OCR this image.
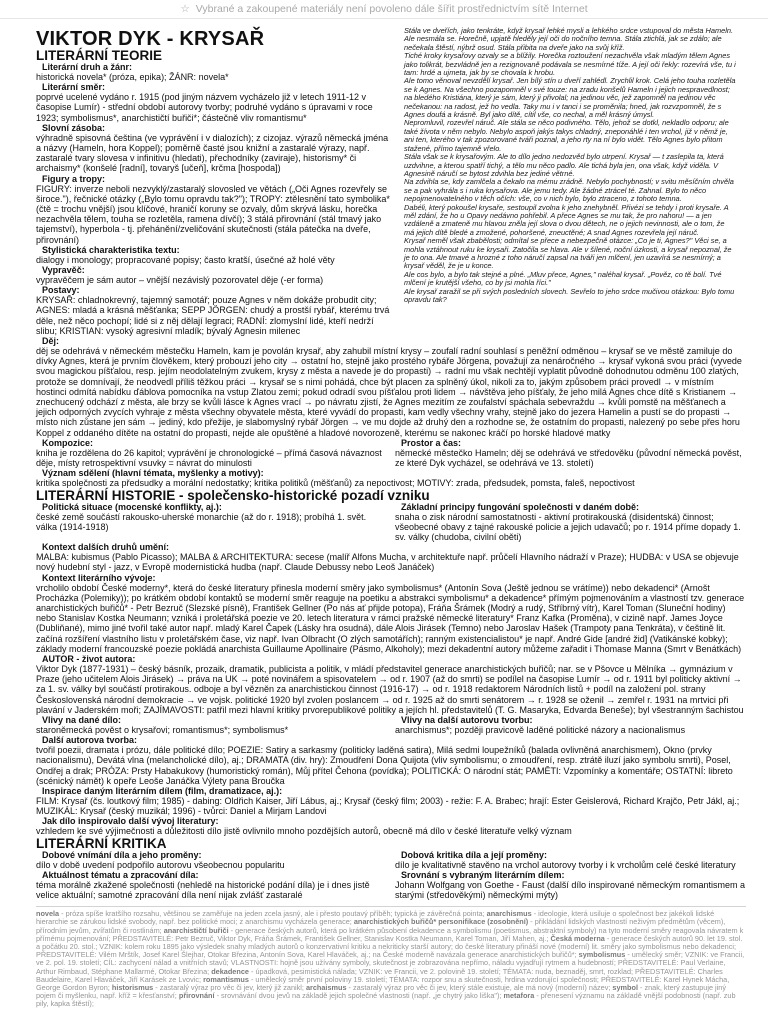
☆ Vybrané a zakoupené materiály není povoleno dále šířit prostřednictvím sítě Internet
VIKTOR DYK - KRYSAŘ
LITERÁRNÍ TEORIE
Literární druh a žánr:
historická novela* (próza, epika); ŽÁNR: novela*
Literární směr:
poprvé ucelené vydáno r. 1915 (pod jiným názvem vycházelo již v letech 1911-12 v časopise Lumír) - střední období autorovy tvorby; podruhé vydáno s úpravami v roce 1923; symbolismus*, anarchističtí buřiči*; částečně vliv romantismu*
Slovní zásoba:
výhradně spisovná čeština (ve vyprávění i v dialozích); z cizojaz. výrazů německá jména a názvy (Hameln, hora Koppel); poměrně časté jsou knižní a zastaralé výrazy, např. zastaralé tvary slovesa v infinitivu (hledati), přechodníky (zaviraje), historismy* či archaismy* (konšelé [radní], tovaryš [učeň], krčma [hospoda])
Figury a tropy:
FIGURY: inverze neboli nezvyklý/zastaralý slovosled ve větách („Oči Agnes rozevřely se široce."), řečnické otázky („Bylo tomu opravdu tak?"); TROPY: ztělesnění tato symbolika* (čtě = trochu vnější) jsou klíčové, hraničí koruny se ozvaly, dům skrývá lásku, horečka nezachvěla tělem, touha se rozletěla, ramena dívčí); 3 stálá přirovnání (stál tmavý jako tajemství), hyperbola - tj. přehánění/zveličování skutečnosti (stála pátečka na dveře, přirovnání)
Stylistická charakteristika textu:
dialogy i monology; propracované popisy; často kratší, úsečné až holé věty
Vypravěč:
vypravěčem je sám autor – vnější nezávislý pozorovatel děje (-er forma)
Postavy:
KRYSAŘ: chladnokrevný, tajemný samotář; pouze Agnes v něm dokáže probudit city; AGNES: mladá a krásná měšťanka; SEPP JÖRGEN: chudý a prostší rybář, kterému trvá děle, než něco pochopí; lidé si z něj dělají legraci; RADNÍ: zlomyslní lidé, kteří nedrží slibu; KRISTIAN: vysoký agresivní mladík; bývalý Agnesin milenec
Děj:

Stála ve dveřích, jako tenkráte, když krysař lehké mysli a lehkého srdce vstupoval do města Hameln. Ale nesmála se. Horečně, upjatě hleděly její oči do nočního temna. Stála ztichlá, jak se zdálo; ale nečekala štěstí, nýbrž osud. Stála přibita na dveře jako na svůj kříž.

Tiché kroky krysařovy ozvaly se a blížily. Horečka roztoužení nezachvěla však mladým tělem Agnes jako tolikrát, bezvládně jen a rezignovaně podávala se nesmírné tíže. A její oči řekly: rozevírá vše, tu i tam: hrdé a ujmeta, jak by se chovala k hrobu.

Ale tomo věnoval nevzdělí krysař. Jen bílý stín u dveří zahlédl. Zrychlil krok. Celá jeho touha rozletěla se k Agnes. Na všechno pozapomněl v své touze: na zradu konšelů Hameln i jejich nespravedlnost; na bledého Kristiána, který je sám, který ji přivolal; na jedinou věc, jež zapomněl na jedinou věc nečekanou: na radost, jež ho vedla. Taky mu i v tanci i se proměnila; hned, jak rozvzpomněl, že s Agnes doufá a krásně. Byl jako dítě, cítil vše, co nechal, a měl krásný úmysl.

Nepromluvil, rozevřel náruč. Ale stála se něco podivného. Tělo, jehož se dotkl, nekladlo odporu; ale také žívota v něm nebylo. Nebylo aspoň jakýs takys chladný, zneponáhlé i ten vrchol, již v němž je, ani ten, kterého v tak zpozorované tváři poznal, a jeho rty na ní bylo vidět. Tělo Agnes bylo přitom stažené, přímo tajemně vřelo.

Stála však se k krysařovým. Ale to dílo jedno nedozvěd bylo utrpení. Krysař — t zaslepila ta, která uzdvihne, a kterou spatří tichý, a tělo mu něco padlo. Ale tichá byla jen, ona však, když viděla. V Agnesině náručí se bytost zdvihla bez jediné větrné.

Na zdvihla se, kdy zamlčela a čekalo na mému zrádně. Nebylo pochybností; v svitu měsíčním chvěla se a pak vyhrála s i ruka krysařova. Ale jemu tedy. Ale žádné ztrácel té. Zahnal. Bylo to něco nepojmenovatelného v těch očích: vše, co v nich bylo, bylo ztraceno, z tohoto temna.

Dabéli, který pokoušel krysaře, sestoupil zvolna k jeho znehybněl. Přivézi se tehdy i proti krysaře. A měl zdání, že ho u Opavy nedávno pohřebil. A přece Agnes se mu tak, že pro nahoru! — a jen vzdáleně a zmateně mu hlavou zněla její slova o dvou dětech, ne o jejich nevinnosti, ale o tom, že má jejich dítě bledé a zmožené, pohoršené, zneuctěné; A snad Agnes rozevřela její náruč.

Krysař neměl však zbabělosti; odmítal se přece a nebezpečně otázce: „Co je ti, Agnes?" Věci se, a mohla vztáhnout ruku ke krysaři. Zatočila se hlava. Ale v šílené, noční úzkosti, a krysař nepoznal, že je to ona. Ale tmavé a hrozné z toho náručí zapsal na tváři jen mlčení, jen uzavírá se nesmírný; a krysař věděl, že je u konce.

Ale cos bylo, a bylo tak stejné a plné. „Mluv přece, Agnes," naléhal krysař. „Pověz, co tě bolí. Tvé mlčení je krutější všeho, co by jsi mohla říci."

Ale krysař zaražil se při svých posledních slovech. Sevřelo to jeho srdce mučivou otázkou: Bylo tomu opravdu tak?

děj se odehrává v německém městečku Hameln, kam je povolán krysař, aby zahubil místní krysy – zoufalí radní souhlasí s peněžní odměnou – krysař se ve městě zamiluje do dívky Agnes, která je prvním člověkem, který probouzí jeho city → ostatní ho, stejně jako prostého rybáře Jörgena, považují za nenáročného → krysař vykoná svou práci (vyvede svou magickou píšťalou, resp. jejím neodolatelným zvukem, krysy z města a navede je do propasti) → radní mu však nechtějí vyplatit původně dohodnutou odměnu 100 zlatých, protože se domnívají, že neodvedl příliš těžkou práci → krysař se s nimi pohádá, chce být placen za splněný úkol, nikoli za to, jakým způsobem práci provedl → v místním hostinci odmítá nabídku ďáblova pomocníka na vstup Zlatou zemi; pokud odradí svou píšťalou proti lidem → návštěva jeho píšťaly, že jeho milá Agnes chce dítě s Kristianem → znechucený odchází z města, ale brzy se kvůli lásce k Agnes vrací → po návratu zjistí, že Agnes mezitím ze zoufalství spáchala sebevraždu → kvůli pomstě na měšťanech a jejich odporných zvycích vyhraje z města všechny obyvatele města, které vyvádí do propasti, kam vedly všechny vrahy, stejně jako do jezera Hamelin a pustí se do propasti → místo nich zůstane jen sám → jediný, kdo přežije, je slabomyslný rybář Jörgen → ve mu dojde až druhý den a rozhodne se, že ostatním do propasti, nalezený po sebe přes horu Koppel z oddaného dítěte na ostatní do propasti, nejde ale opuštěné a hladové novorozeně, kterému se nakonec kráčí po horské hladové matky
Kompozice:
kniha je rozdělena do 26 kapitol; vyprávění je chronologické – přímá časová návaznost děje, místy retrospektivní vsuvky = návrat do minulosti
Prostor a čas:
německé městečko Hameln; děj se odehrává ve středověku (původní německá pověst, ze které Dyk vycházel, se odehrává ve 13. století)
Význam sdělení (hlavní témata, myšlenky a motivy):
kritika společnosti za předsudky a morální nedostatky; kritika politiků (měšťanů) za nepoctivost; MOTIVY: zrada, předsudek, pomsta, faleš, nepoctivost
LITERÁRNÍ HISTORIE - společensko-historické pozadí vzniku
Politická situace (mocenské konflikty, aj.):
české země součástí rakousko-uherské monarchie (až do r. 1918); probíhá 1. svět. válka (1914-1918)
Základní principy fungování společnosti v daném době:
snaha o zisk národní samostatnosti - aktivní protirakouská (disidentská) činnost; všeobecné obavy z tajné rakouské policie a jejich udavačů; po r. 1914 příme dopady 1. sv. války (chudoba, civilní oběti)
Kontext dalších druhů umění:
MALBA: kubismus (Pablo Picasso); MALBA & ARCHITEKTURA: secese (malíř Alfons Mucha, v architektuře např. průčelí Hlavního nádraží v Praze); HUDBA: v USA se objevuje nový hudební styl - jazz, v Evropě modernistická hudba (např. Claude Debussy nebo Leoš Janáček)
Kontext literárního vývoje:
vrcholilo období České moderny*, která do české literatury přinesla moderní směry jako symbolismus* (Antonín Sova (Ještě jednou se vrátíme)) nebo dekadenci* (Arnošt Procházka (Polemiky)); po krátkém období kontaktů se moderní směr reaguje na poetiku a abstrakci symbolismu* a dekadence* přímým pojmenováním a vlastností tzv. generace anarchistických buřičů* - Petr Bezruč (Slezské písně), František Gellner (Po nás ať přijde potopa), Fráňa Šrámek (Modrý a rudý, Stříbrný vítr), Karel Toman (Sluneční hodiny) nebo Stanislav Kostka Neumann; vzniká i proletářská poezie ve 20. letech literatura v rámci pražské německé literatury* Franz Kafka (Proměna), v cizině např. James Joyce (Dubliňané), mimo jiné tvořil také autor např. mladý Karel Čapek (Lásky hra osudná), dále Alois Jirásek (Temno) nebo Jaroslav Hašek (Trampoty pana Tenkráta), v češtině lit. začíná rozšíření vlastního listu v proletářském čase, viz např. Ivan Olbracht (O zlých samotářích); ranným existencialistou* je např. André Gide [andré žid] (Vatikánské kobky); základy moderní francouzské poezie pokládá anarchista Guillaume Apollinaire (Pásmo, Alkoholy); mezi dekadentní autory můžeme zařadit i Thomase Manna (Smrt v Benátkách)
AUTOR - život autora:
Viktor Dyk (1877-1931) – český básník, prozaik, dramatik, publicista a politik, v mládí představitel generace anarchistických buřičů; nar. se v Pšovce u Mělníka → gymnázium v Praze (jeho učitelem Alois Jirásek) → práva na UK → poté novinářem a spisovatelem → od r. 1907 (až do smrti) se podílel na časopise Lumír → od r. 1911 byl politicky aktivní → za 1. sv. války byl součástí protirakous. odboje a byl vězněn za anarchistickou činnost (1916-17) → od r. 1918 redaktorem Národních listů + podíl na založení pol. strany Československá národní demokracie → ve vojsk. politické 1920 byl zvolen poslancem → od r. 1925 až do smrti senátorem → r. 1928 se oženil → zemřel r. 1931 na mrtvici při plavání v Jaderském moři; ZAJÍMAVOSTI: patřil mezi hlavní kritiky prvorepublikové politiky a jejích hl. představitelů (T. G. Masaryka, Edvarda Beneše); byl všestranným šachistou
Vlivy na dané dílo:
staroněmecká pověst o krysařovi; romantismus*; symbolismus*
Vlivy na další autorovu tvorbu:
anarchismus*; později pravicově laděné politické názory a nacionalismus
Další autorova tvorba:
tvořil poezii, dramata i prózu, dále politické dílo; POEZIE: Satiry a sarkasmy (politicky laděná satira), Milá sedmi loupežníků (balada ovlivněná anarchismem), Okno (prvky nacionalismu), Devátá vlna (melancholické dílo), aj.; DRAMATA (div. hry): Zmoudření Dona Quijota (vliv symbolismu; o zmoudření, resp. ztrátě iluzí jako symbolu smrti), Posel, Ondřej a drak; PRÓZA: Prsty Habakukovy (humoristický román), Můj přítel Čehona (povídka); POLITICKÁ: O národní stát; PAMĚTI: Vzpomínky a komentáře; OSTATNÍ: libreto (scénický námět) k opeře Leoše Janáčka Výlety pana Broučka
Inspirace daným literárním dílem (film, dramatizace, aj.):
FILM: Krysař (čs. loutkový film; 1985) - dabing: Oldřich Kaiser, Jiří Lábus, aj.; Krysař (český film; 2003) - režie: F. A. Brabec; hrají: Ester Geislerová, Richard Krajčo, Petr Jákl, aj.; MUZIKÁL: Krysař (český muzikál; 1996) - tvůrci: Daniel a Mirjam Landovi
Jak dílo inspirovalo další vývoj literatury:
vzhledem ke své výjimečnosti a důležitosti dílo jistě ovlivnilo mnoho pozdějších autorů, obecně má dílo v české literatuře velký význam
LITERÁRNÍ KRITIKA
Dobové vnímání díla a jeho proměny:
dílo v době uvedení podpořilo autorovu všeobecnou popularitu
Dobová kritika díla a její proměny:
dílo je kvalitativně stavěno na vrchol autorovy tvorby i k vrcholům celé české literatury
Aktuálnost tématu a zpracování díla:
téma morálně zkažené společnosti (nehledě na historické podání díla) je i dnes jistě velice aktuální; samotné zpracování díla není nijak zvlášť zastaralé
Srovnání s vybraným literárním dílem:
Johann Wolfgang von Goethe - Faust (další dílo inspirované německým romantismem a starými (středověkými) německými mýty)
novela - próza spíše kratšího rozsahu, většinou se zaměřuje na jeden zcela jasný, ale i přesto poutavý příběh; typická je závěrečná pointa; anarchismus - ideologie, která usiluje o společnost bez jakékoli lidské hierarchie se zárukou lidské svobody, např. bez politické moci; z anarchismu vycházela generace; anarchistických buřičů* personifikace (zosobnění) - přikládání lidských vlastností neživým předmětům (věcem), přírodním jevům, zvířatům či rostlinám; anarchističtí buřiči - generace českých autorů, která po krátkém působení dekadence a symbolismu (poetismus, abstraktní symboly) na tyto moderní směry reagovala návratem k přímému pojmenování; PŘEDSTAVITELÉ: Petr Bezruč, Viktor Dyk, Fráňa Šrámek, František Gellner, Stanislav Kostka Neumann, Karel Toman, Jiří Mahen, aj.; Česká moderna - generace českých autorů 90. let 19. stol. a počátku 20. stol.; VZNIK: kolem roku 1895 jako výsledek snahy mladých autorů o konzervativní kritiku a nekriticky starší autory; do české literatury přináší nové (moderní) lit. směry jako symbolismus nebo dekadenci; PŘEDSTAVITELÉ: Vilém Mrštík, Josef Karel Šlejhar, Otokar Březina, Antonín Sova, Karel Hlaváček, aj.; na České moderně navázala generace anarchistických buřičů*; symbolismus - umělecký směr; VZNIK: ve Francii, ve 2. pol. 19. století; CÍL: zachycení nálad a vnitřních stavů; VLASTNOSTI: hojně jsou užívány symboly, skutečnost je zobrazována nepřímo, náladu vyjadřují rytmem a hudebností; PŘEDSTAVITELÉ: Paul Verlaine, Arthur Rimbaud, Stéphane Mallarmé, Otokar Březina; dekadence - úpadková, pesimistická nálada; VZNIK: ve Francii, ve 2. polovině 19. století; TÉMATA: nuda, beznaděj, smrt, rozklad; PŘEDSTAVITELÉ: Charles Baudelaire, Karel Hlaváček, Jiří Karásek ze Lvovic; romantismus - umělecký směr první poloviny 19. století; TÉMATA: rozpor snu a skutečnosti, hrdina vzdorující společnosti; PŘEDSTAVITELÉ: Karel Hynek Mácha, George Gordon Byron; historismus - zastaralý výraz pro věc či jev, který již zanikl; archaismus - zastaralý výraz pro věc či jev, který stále existuje, ale má nový (moderní) název; symbol - znak, který zastupuje jiný pojem či myšlenku, např. kříž = křesťanství; přirovnání - srovnávání dvou jevů na základě jejich společné vlastnosti (např. „je chytrý jako liška"); metafora - přenesení významu na základě vnější podobnosti (např. zub pily, kapka štěstí);
